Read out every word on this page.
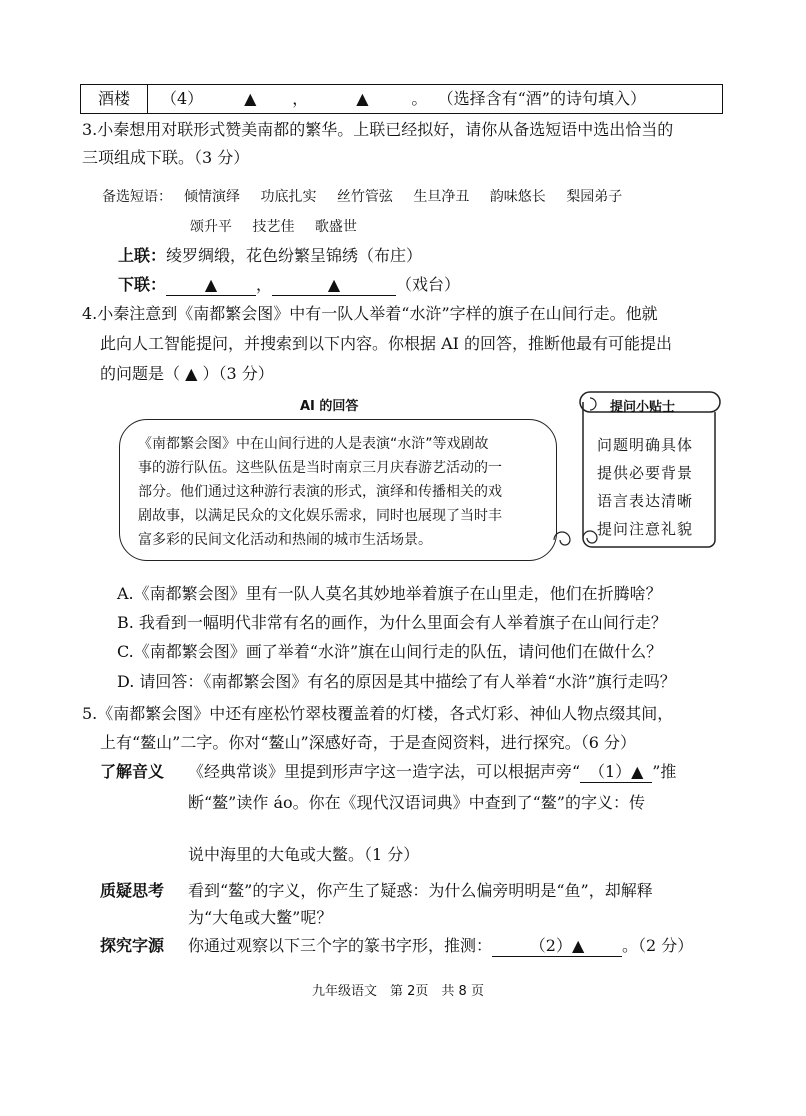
酒楼	（4）	▲ ，	▲	。 （选择含有“酒”的诗句填入）
3.小秦想用对联形式赞美南都的繁华。上联已经拟好，请你从备选短语中选出恰当的
三项组成下联。（3 分）
备选短语： 倾情演绎 功底扎实 丝竹管弦 生旦净丑 韵味悠长 梨园弟子
颂升平 技艺佳 歌盛世
上联：绫罗绸缎，花色纷繁呈锦绣（布庄）
下联： ▲ ，	▲	（戏台）
4.小秦注意到《南都繁会图》中有一队人举着“水浒”字样的旗子在山间行走。他就
此向人工智能提问，并搜索到以下内容。你根据 AI 的回答，推断他最有可能提出
的问题是（ ▲ ）（3 分）
AI 的回答
《南都繁会图》中在山间行进的人是表演“水浒”等戏剧故
事的游行队伍。这些队伍是当时南京三月庆春游艺活动的一
部分。他们通过这种游行表演的形式，演绎和传播相关的戏
剧故事，以满足民众的文化娱乐需求，同时也展现了当时丰
富多彩的民间文化活动和热闹的城市生活场景。
提问小贴士
问题明确具体
提供必要背景
语言表达清晰
提问注意礼貌
A.《南都繁会图》里有一队人莫名其妙地举着旗子在山里走，他们在折腾啥？
B. 我看到一幅明代非常有名的画作，为什么里面会有人举着旗子在山间行走？
C.《南都繁会图》画了举着“水浒”旗在山间行走的队伍，请问他们在做什么？
D. 请回答：《南都繁会图》有名的原因是其中描绘了有人举着“水浒”旗行走吗？
5.《南都繁会图》中还有座松竹翠枝覆盖着的灯楼，各式灯彩、神仙人物点缀其间，
上有“鳌山”二字。你对“鳌山”深感好奇，于是查阅资料，进行探究。（6 分）
了解音义 《经典常谈》里提到形声字这一造字法，可以根据声旁“ （1）▲ ”推
断“鳌”读作 áo。你在《现代汉语词典》中查到了“鳌”的字义：传
说中海里的大龟或大鳖。（1 分）
质疑思考 看到“鳌”的字义，你产生了疑惑：为什么偏旁明明是“鱼”，却解释
为“大龟或大鳖”呢？
探究字源 你通过观察以下三个字的篆书字形，推测： （2）▲ 。（2 分）
九年级语文　第 2页　共 8 页
